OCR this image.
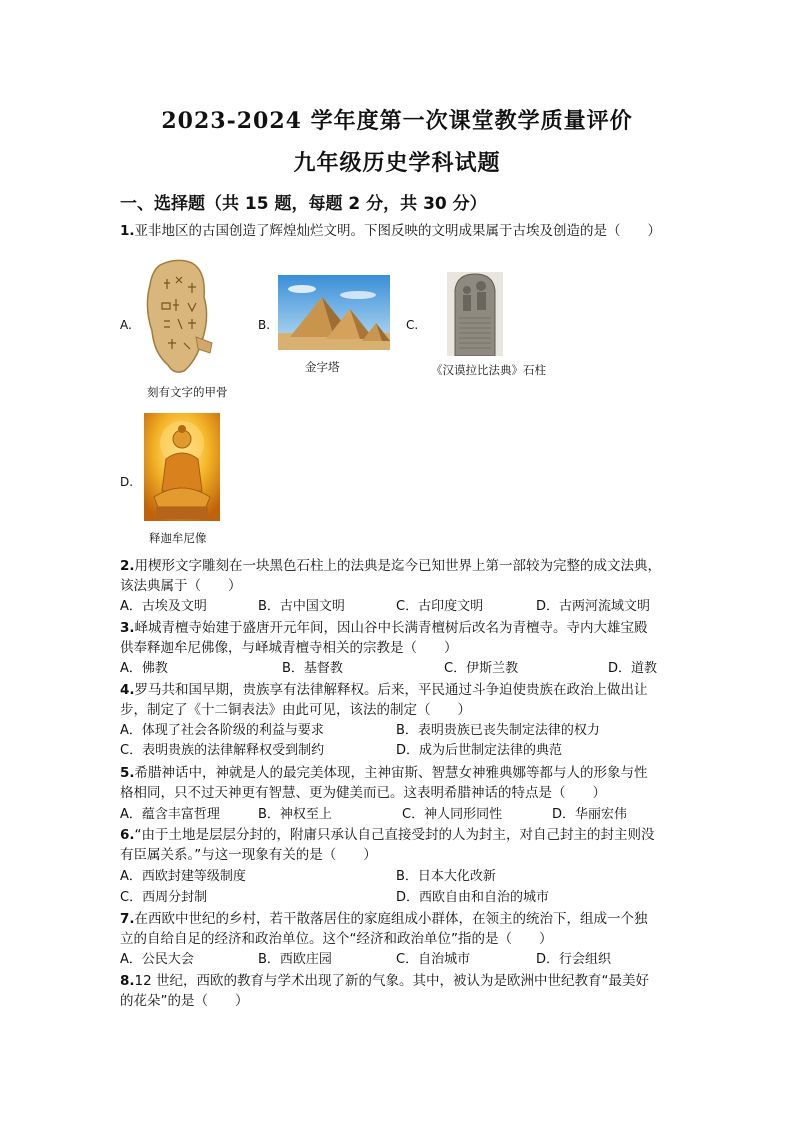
2023-2024 学年度第一次课堂教学质量评价
九年级历史学科试题
一、选择题（共 15 题，每题 2 分，共 30 分）
1.亚非地区的古国创造了辉煌灿烂文明。下图反映的文明成果属于古埃及创造的是（　　）
A.
刻有文字的甲骨
B.
金字塔
C.
《汉谟拉比法典》石柱
D.
释迦牟尼像
2.用楔形文字雕刻在一块黑色石柱上的法典是迄今已知世界上第一部较为完整的成文法典，
该法典属于（　　）
A．古埃及文明	B．古中国文明	C．古印度文明	D．古两河流域文明
3.峄城青檀寺始建于盛唐开元年间，因山谷中长满青檀树后改名为青檀寺。寺内大雄宝殿
供奉释迦牟尼佛像，与峄城青檀寺相关的宗教是（　　）
A．佛教	B．基督教	C．伊斯兰教	D．道教
4.罗马共和国早期，贵族享有法律解释权。后来，平民通过斗争迫使贵族在政治上做出让
步，制定了《十二铜表法》由此可见，该法的制定（　　）
A．体现了社会各阶级的利益与要求	B．表明贵族已丧失制定法律的权力
C．表明贵族的法律解释权受到制约	D．成为后世制定法律的典范
5.希腊神话中，神就是人的最完美体现，主神宙斯、智慧女神雅典娜等都与人的形象与性
格相同，只不过天神更有智慧、更为健美而已。这表明希腊神话的特点是（　　）
A．蕴含丰富哲理	B．神权至上	C．神人同形同性	D．华丽宏伟
6.“由于土地是层层分封的，附庸只承认自己直接受封的人为封主，对自己封主的封主则没
有臣属关系。”与这一现象有关的是（　　）
A．西欧封建等级制度	B．日本大化改新
C．西周分封制	D．西欧自由和自治的城市
7.在西欧中世纪的乡村，若干散落居住的家庭组成小群体，在领主的统治下，组成一个独
立的自给自足的经济和政治单位。这个“经济和政治单位”指的是（　　）
A．公民大会	B．西欧庄园	C．自治城市	D．行会组织
8.12 世纪，西欧的教育与学术出现了新的气象。其中，被认为是欧洲中世纪教育“最美好
的花朵”的是（　　）
